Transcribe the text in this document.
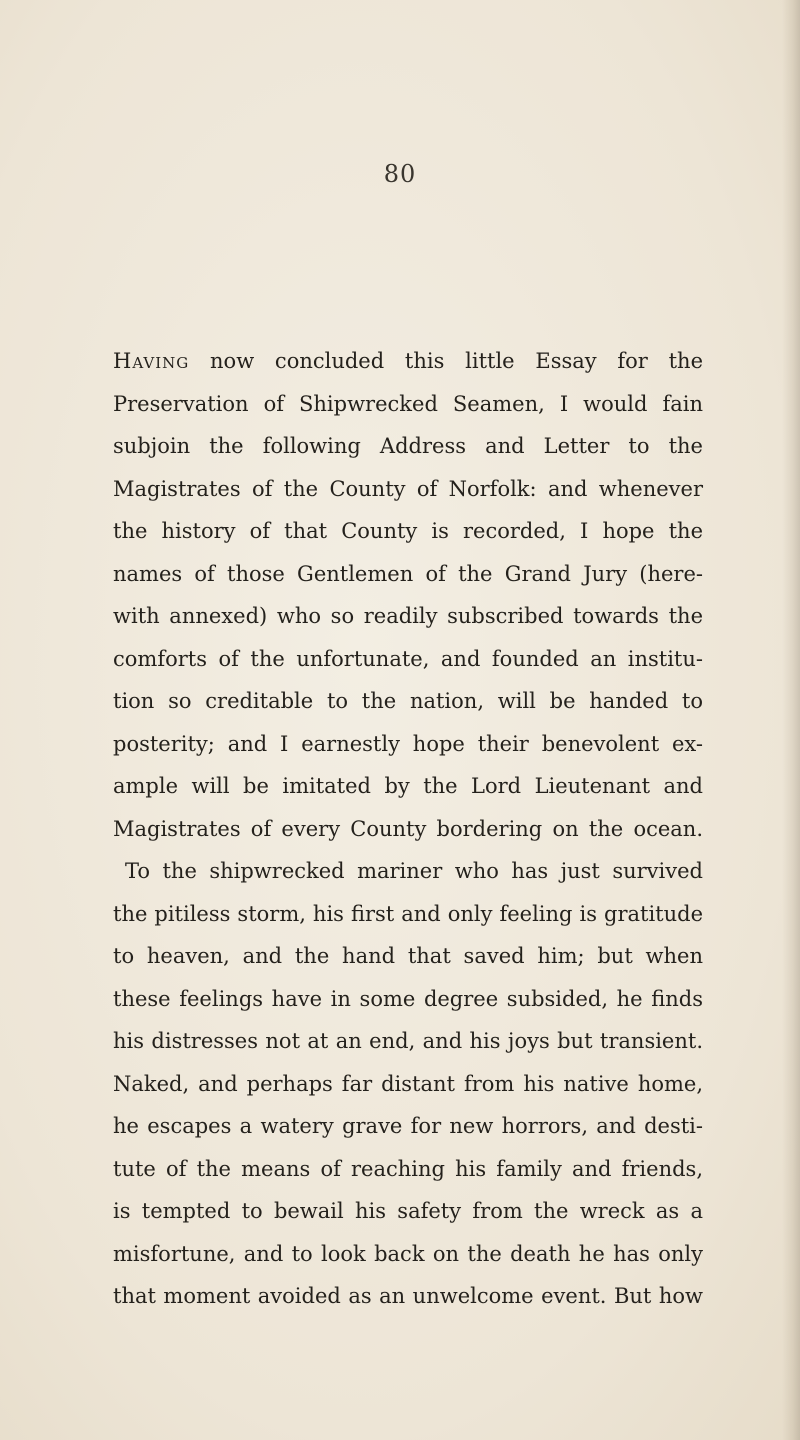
80
Having now concluded this little Essay for the
Preservation of Shipwrecked Seamen, I would fain
subjoin the following Address and Letter to the
Magistrates of the County of Norfolk: and whenever
the history of that County is recorded, I hope the
names of those Gentlemen of the Grand Jury (here-
with annexed) who so readily subscribed towards the
comforts of the unfortunate, and founded an institu-
tion so creditable to the nation, will be handed to
posterity; and I earnestly hope their benevolent ex-
ample will be imitated by the Lord Lieutenant and
Magistrates of every County bordering on the ocean.
To the shipwrecked mariner who has just survived
the pitiless storm, his first and only feeling is gratitude
to heaven, and the hand that saved him; but when
these feelings have in some degree subsided, he finds
his distresses not at an end, and his joys but transient.
Naked, and perhaps far distant from his native home,
he escapes a watery grave for new horrors, and desti-
tute of the means of reaching his family and friends,
is tempted to bewail his safety from the wreck as a
misfortune, and to look back on the death he has only
that moment avoided as an unwelcome event. But how
